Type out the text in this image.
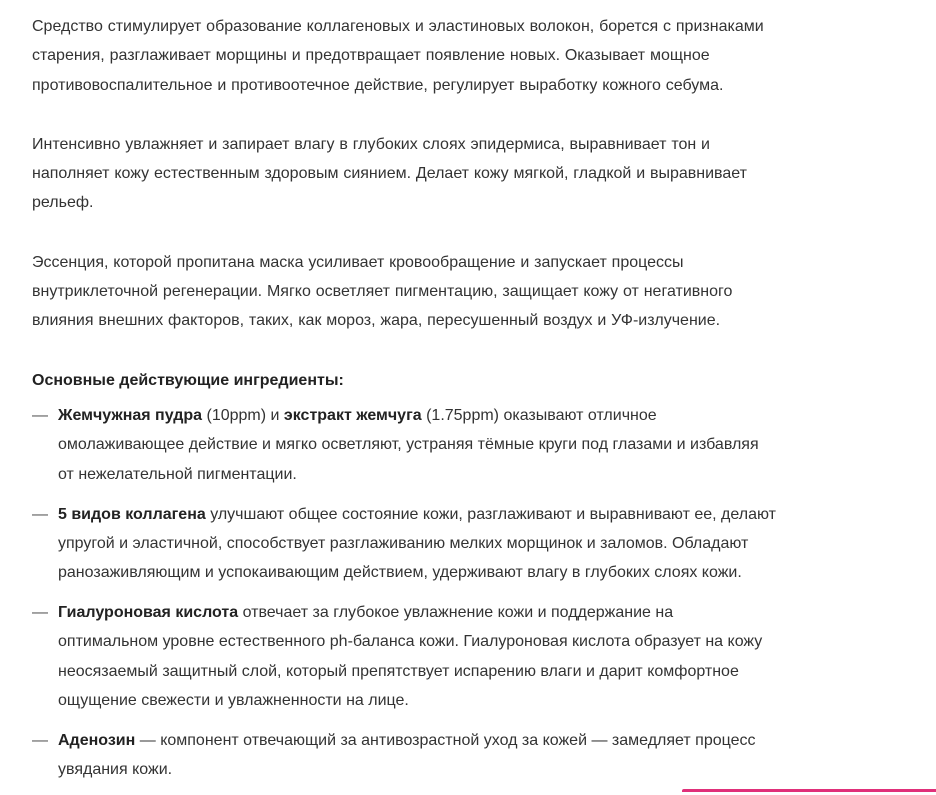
Средство стимулирует образование коллагеновых и эластиновых волокон, борется с признаками
старения, разглаживает морщины и предотвращает появление новых. Оказывает мощное
противовоспалительное и противоотечное действие, регулирует выработку кожного себума.

Интенсивно увлажняет и запирает влагу в глубоких слоях эпидермиса, выравнивает тон и
наполняет кожу естественным здоровым сиянием. Делает кожу мягкой, гладкой и выравнивает
рельеф.

Эссенция, которой пропитана маска усиливает кровообращение и запускает процессы
внутриклеточной регенерации. Мягко осветляет пигментацию, защищает кожу от негативного
влияния внешних факторов, таких, как мороз, жара, пересушенный воздух и УФ-излучение.

Основные действующие ингредиенты:
— Жемчужная пудра (10ppm) и экстракт жемчуга (1.75ppm) оказывают отличное
омолаживающее действие и мягко осветляют, устраняя тёмные круги под глазами и избавляя
от нежелательной пигментации.
— 5 видов коллагена улучшают общее состояние кожи, разглаживают и выравнивают ее, делают
упругой и эластичной, способствует разглаживанию мелких морщинок и заломов. Обладают
ранозаживляющим и успокаивающим действием, удерживают влагу в глубоких слоях кожи.
— Гиалуроновая кислота отвечает за глубокое увлажнение кожи и поддержание на
оптимальном уровне естественного ph-баланса кожи. Гиалуроновая кислота образует на кожу
неосязаемый защитный слой, который препятствует испарению влаги и дарит комфортное
ощущение свежести и увлажненности на лице.
— Аденозин — компонент отвечающий за антивозрастной уход за кожей — замедляет процесс
увядания кожи.
